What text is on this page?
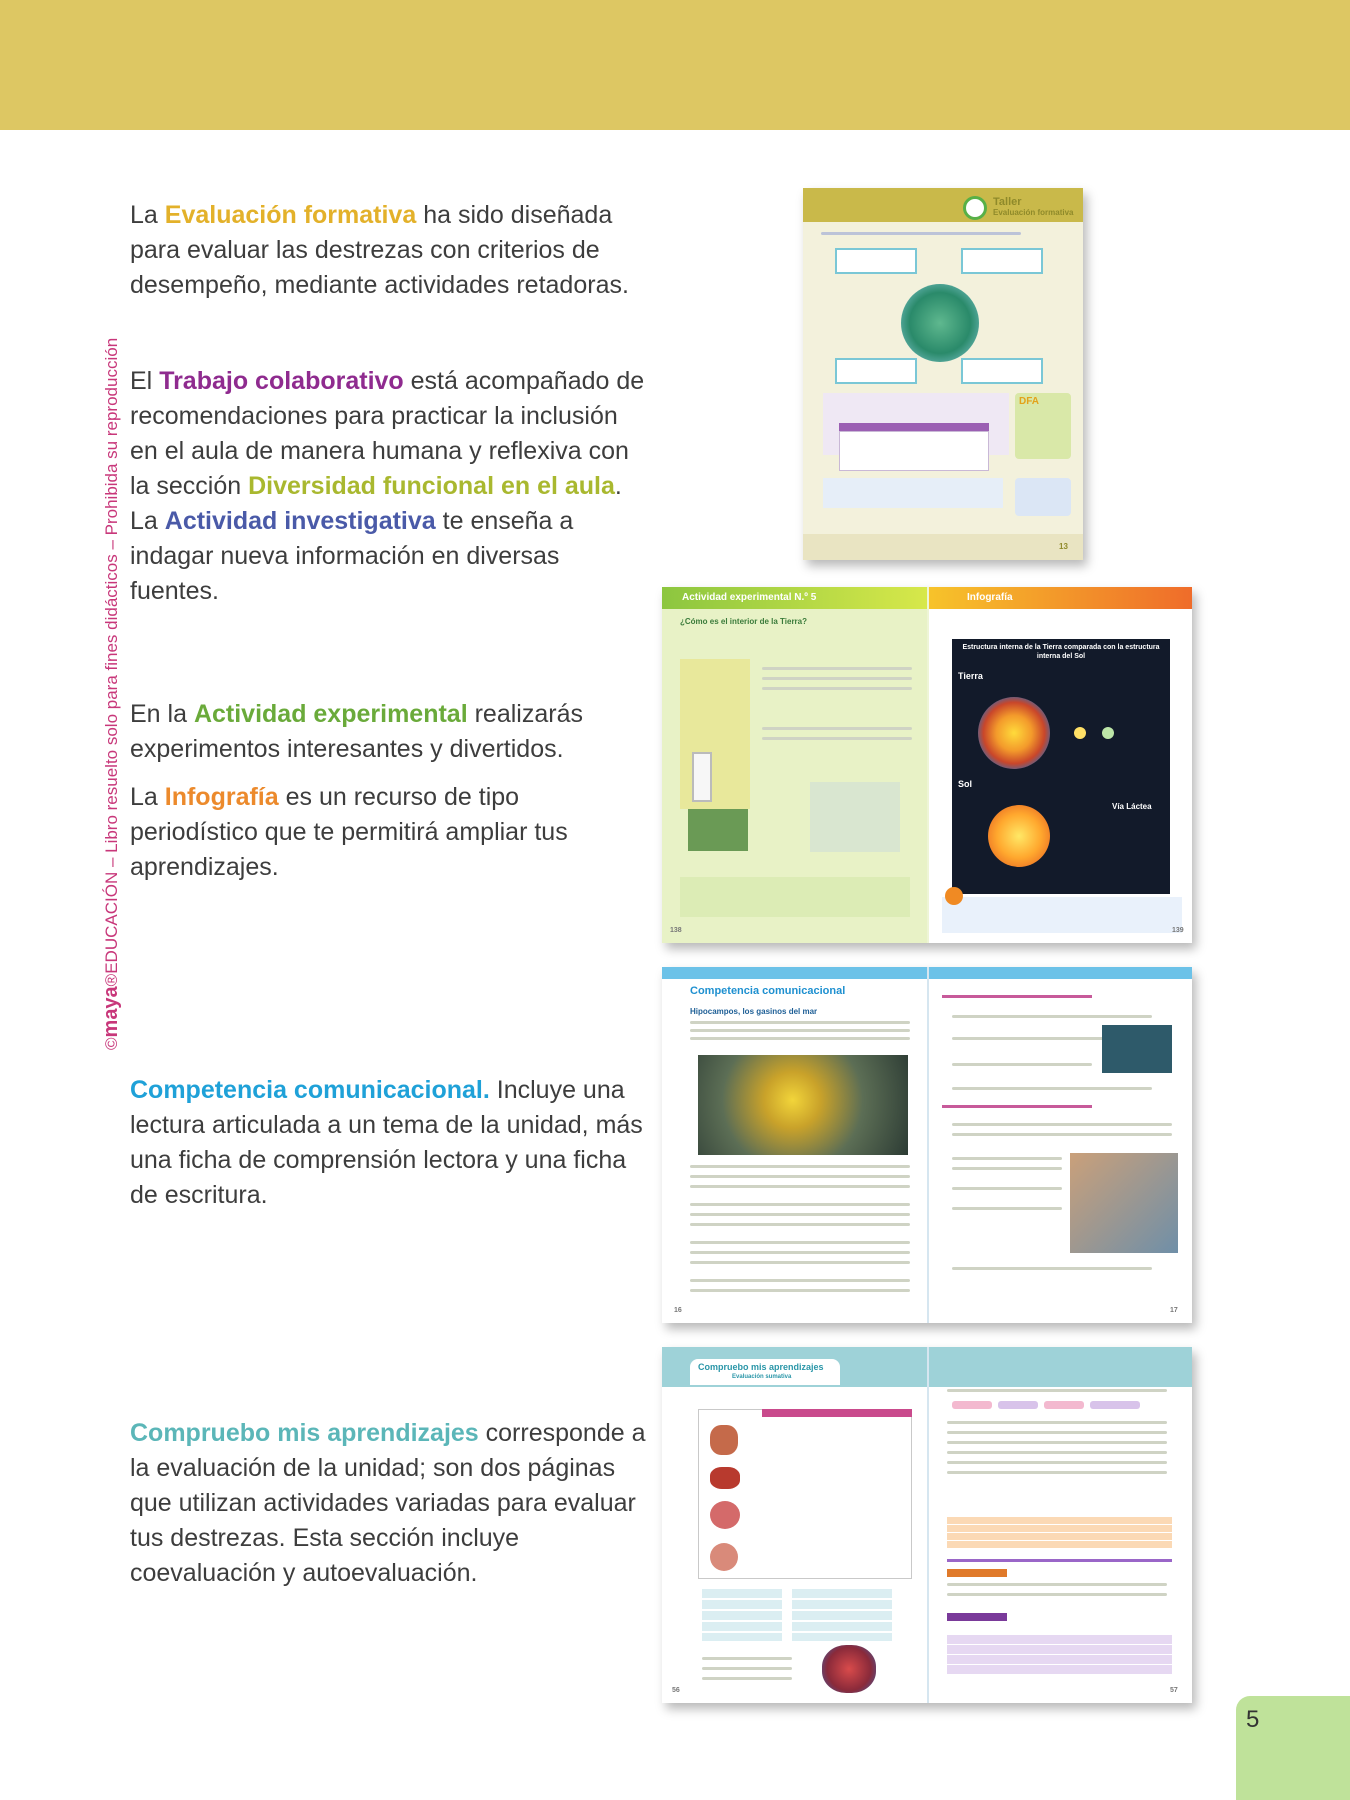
©maya®EDUCACIÓN – Libro resuelto solo para fines didácticos – Prohibida su reproducción

La Evaluación formativa ha sido diseñada para evaluar las destrezas con criterios de desempeño, mediante actividades retadoras.

El Trabajo colaborativo está acompañado de recomendaciones para practicar la inclusión en el aula de manera humana y reflexiva con la sección Diversidad funcional en el aula. La Actividad investigativa te enseña a indagar nueva información en diversas fuentes.

En la Actividad experimental realizarás experimentos interesantes y divertidos.

La Infografía es un recurso de tipo periodístico que te permitirá ampliar tus aprendizajes.

Competencia comunicacional. Incluye una lectura articulada a un tema de la unidad, más una ficha de comprensión lectora y una ficha de escritura.

Compruebo mis aprendizajes corresponde a la evaluación de la unidad; son dos páginas que utilizan actividades variadas para evaluar tus destrezas. Esta sección incluye coevaluación y autoevaluación.

Taller
Evaluación formativa
DFA
13
Actividad experimental N.º 5
¿Cómo es el interior de la Tierra?
138
Infografía
Estructura interna de la Tierra comparada con la estructura interna del Sol
Tierra
Sol
Vía Láctea
139
Competencia comunicacional
Hipocampos, los gasinos del mar
16	17
Compruebo mis aprendizajes
Evaluación sumativa
56	57
5
